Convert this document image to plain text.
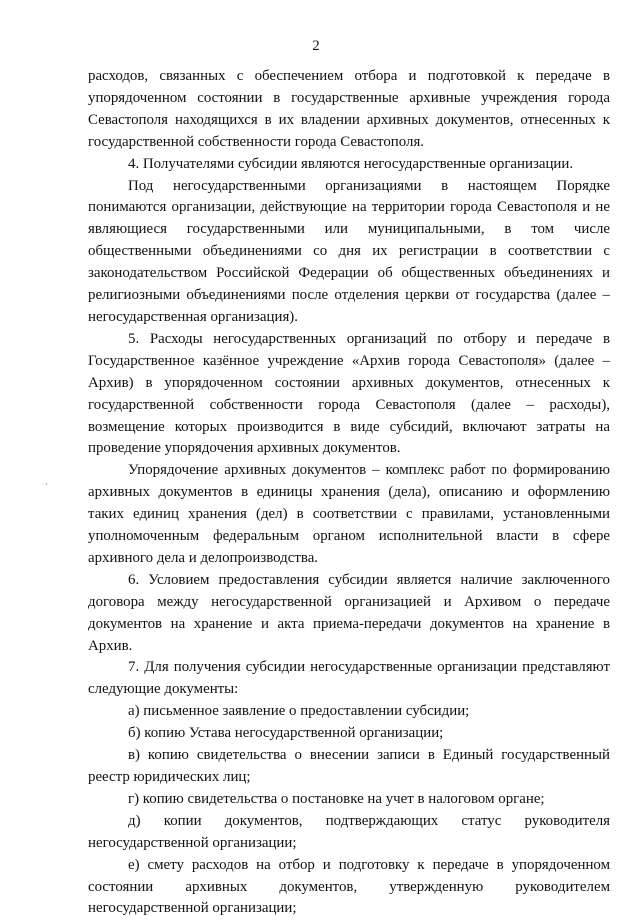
2
`

расходов, связанных с обеспечением отбора и подготовкой к передаче в упорядоченном состоянии в государственные архивные учреждения города Севастополя находящихся в их владении архивных документов, отнесенных к государственной собственности города Севастополя.

4. Получателями субсидии являются негосударственные организации.

Под негосударственными организациями в настоящем Порядке понимаются организации, действующие на территории города Севастополя и не являющиеся государственными или муниципальными, в том числе общественными объединениями со дня их регистрации в соответствии с законодательством Российской Федерации об общественных объединениях и религиозными объединениями после отделения церкви от государства (далее – негосударственная организация).

5. Расходы негосударственных организаций по отбору и передаче в Государственное казённое учреждение «Архив города Севастополя» (далее – Архив) в упорядоченном состоянии архивных документов, отнесенных к государственной собственности города Севастополя (далее – расходы), возмещение которых производится в виде субсидий, включают затраты на проведение упорядочения архивных документов.

Упорядочение архивных документов – комплекс работ по формированию архивных документов в единицы хранения (дела), описанию и оформлению таких единиц хранения (дел) в соответствии с правилами, установленными уполномоченным федеральным органом исполнительной власти в сфере архивного дела и делопроизводства.

6. Условием предоставления субсидии является наличие заключенного договора между негосударственной организацией и Архивом о передаче документов на хранение и акта приема-передачи документов на хранение в Архив.

7. Для получения субсидии негосударственные организации представляют следующие документы:

а) письменное заявление о предоставлении субсидии;

б) копию Устава негосударственной организации;

в) копию свидетельства о внесении записи в Единый государственный реестр юридических лиц;

г) копию свидетельства о постановке на учет в налоговом органе;

д) копии документов, подтверждающих статус руководителя негосударственной организации;

е) смету расходов на отбор и подготовку к передаче в упорядоченном состоянии архивных документов, утвержденную руководителем негосударственной организации;
